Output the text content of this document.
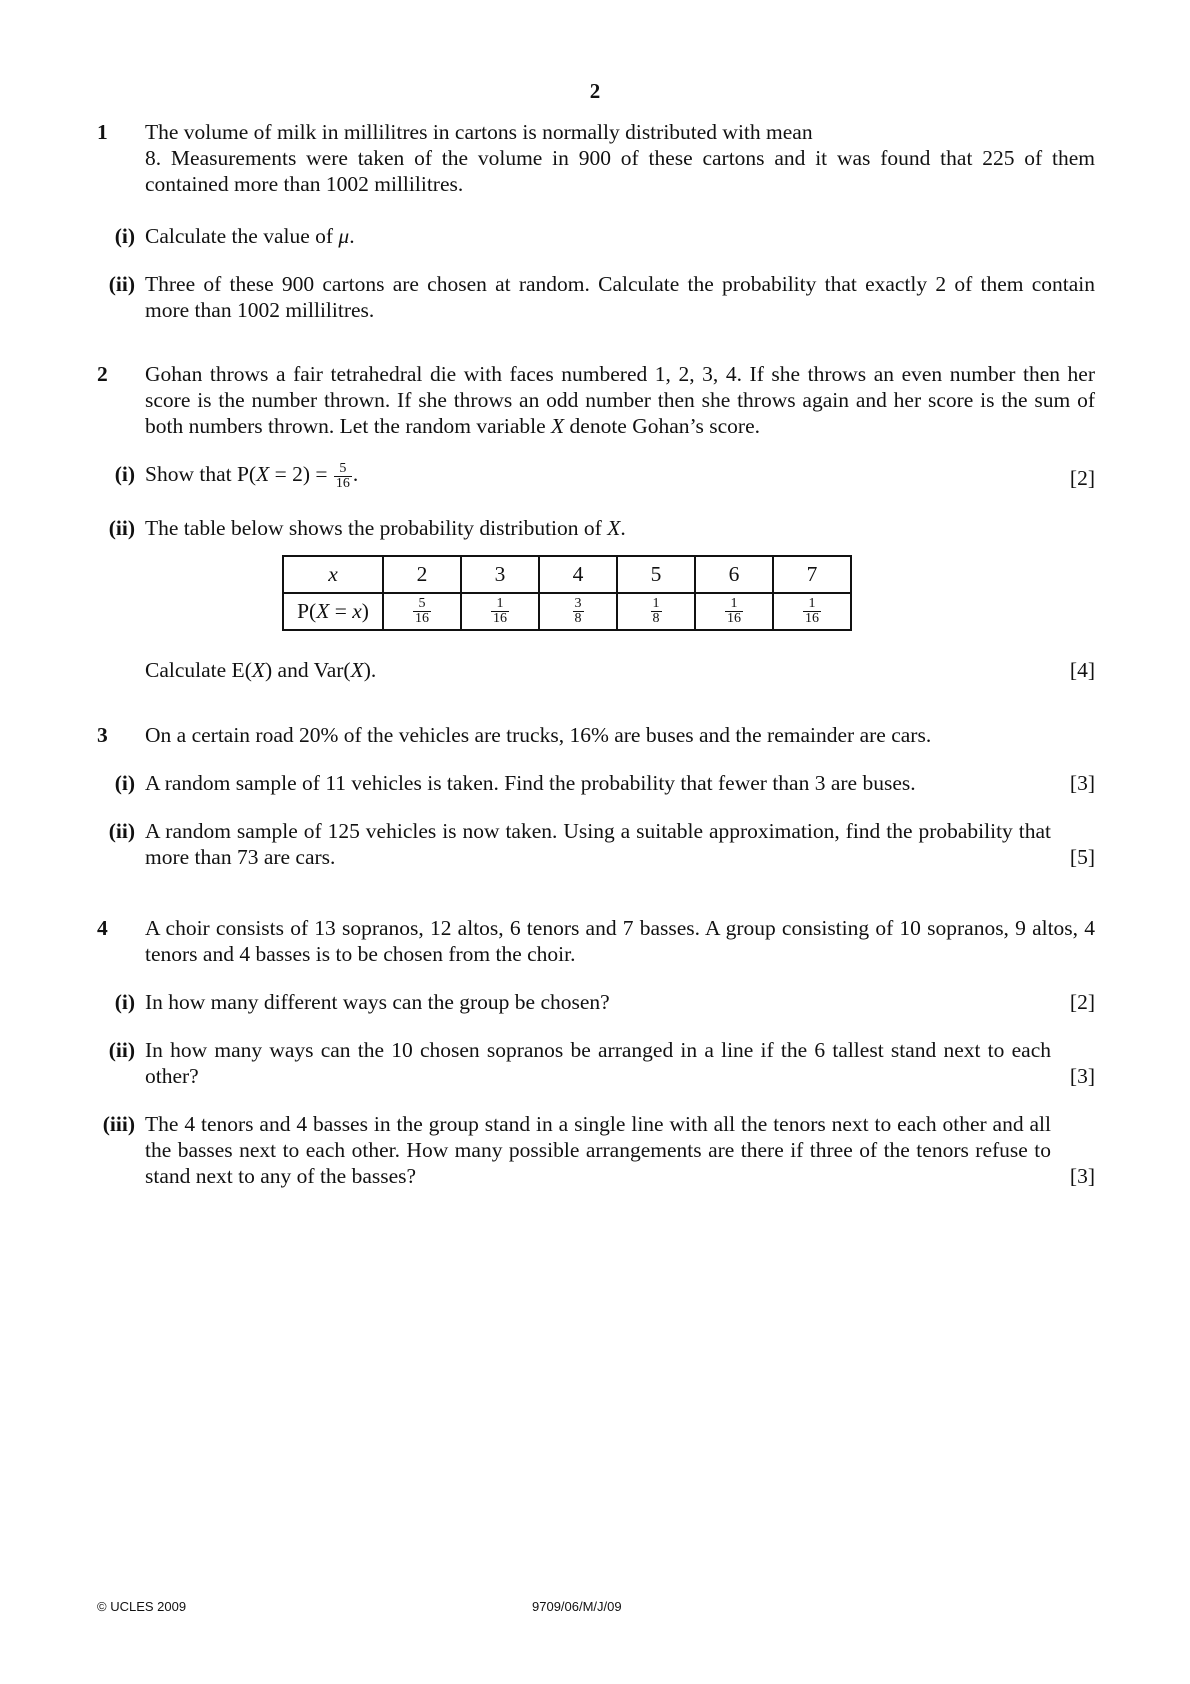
2
1 The volume of milk in millilitres in cartons is normally distributed with mean
8. Measurements were taken of the volume in 900 of these cartons and it was found that 225 of them contained more than 1002 millilitres.
(i) Calculate the value of μ.
(ii) Three of these 900 cartons are chosen at random. Calculate the probability that exactly 2 of them contain more than 1002 millilitres.
2 Gohan throws a fair tetrahedral die with faces numbered 1, 2, 3, 4. If she throws an even number then her score is the number thrown. If she throws an odd number then she throws again and her score is the sum of both numbers thrown. Let the random variable X denote Gohan’s score.
(i) Show that $P(X = 2) = \frac{5}{16}$ .	[2]
(ii) The table below shows the probability distribution of X.
x	2	3	4	5	6	7
P(X = x)	$\frac{5}{16}$	$\frac{1}{16}$	$\frac{3}{8}$	$\frac{1}{8}$	$\frac{1}{16}$	$\frac{1}{16}$
Calculate E(X) and Var(X).	[4]
3 On a certain road 20% of the vehicles are trucks, 16% are buses and the remainder are cars.
(i) A random sample of 11 vehicles is taken. Find the probability that fewer than 3 are buses.	[3]
(ii) A random sample of 125 vehicles is now taken. Using a suitable approximation, find the probability that more than 73 are cars.	[5]
4 A choir consists of 13 sopranos, 12 altos, 6 tenors and 7 basses. A group consisting of 10 sopranos, 9 altos, 4 tenors and 4 basses is to be chosen from the choir.
(i) In how many different ways can the group be chosen?	[2]
(ii) In how many ways can the 10 chosen sopranos be arranged in a line if the 6 tallest stand next to each other?	[3]
(iii) The 4 tenors and 4 basses in the group stand in a single line with all the tenors next to each other and all the basses next to each other. How many possible arrangements are there if three of the tenors refuse to stand next to any of the basses?	[3]
© UCLES 2009	9709/06/M/J/09
